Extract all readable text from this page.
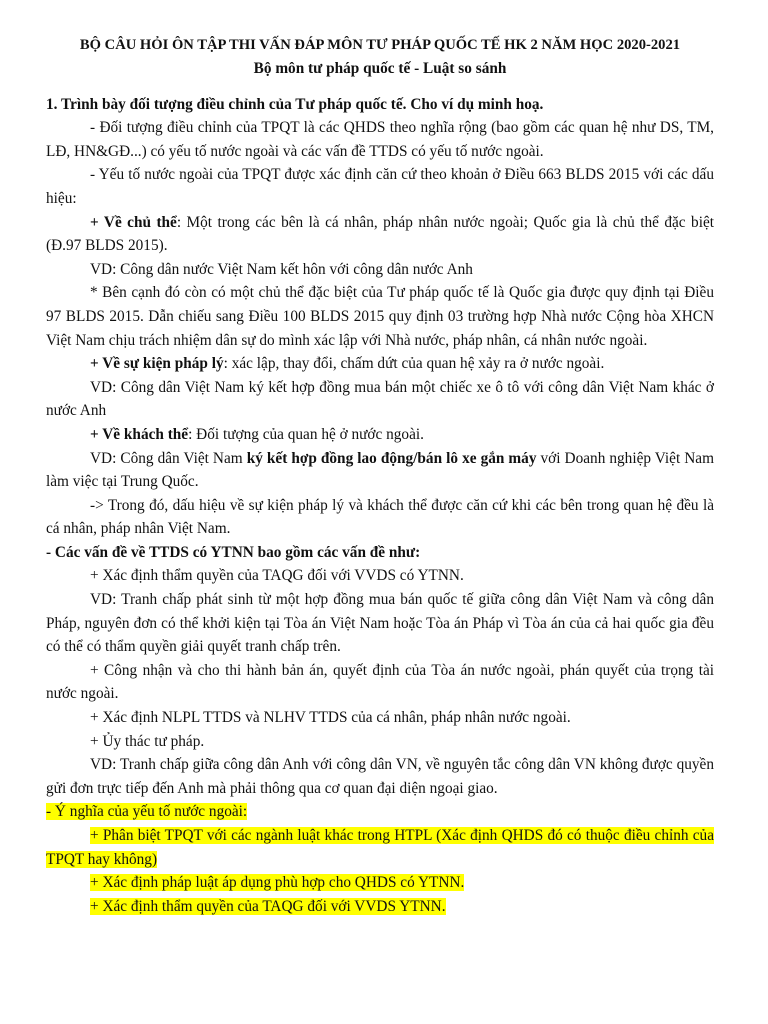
BỘ CÂU HỎI ÔN TẬP THI VẤN ĐÁP MÔN TƯ PHÁP QUỐC TẾ HK 2 NĂM HỌC 2020-2021

Bộ môn tư pháp quốc tế - Luật so sánh

1. Trình bày đối tượng điều chỉnh của Tư pháp quốc tế. Cho ví dụ minh hoạ.

- Đối tượng điều chỉnh của TPQT là các QHDS theo nghĩa rộng (bao gồm các quan hệ như DS, TM, LĐ, HN&GĐ...) có yếu tố nước ngoài và các vấn đề TTDS có yếu tố nước ngoài.

- Yếu tố nước ngoài của TPQT được xác định căn cứ theo khoản ở Điều 663 BLDS 2015 với các dấu hiệu:

+ Về chủ thể: Một trong các bên là cá nhân, pháp nhân nước ngoài; Quốc gia là chủ thể đặc biệt (Đ.97 BLDS 2015).

VD: Công dân nước Việt Nam kết hôn với công dân nước Anh

* Bên cạnh đó còn có một chủ thể đặc biệt của Tư pháp quốc tế là Quốc gia được quy định tại Điều 97 BLDS 2015. Dẫn chiếu sang Điều 100 BLDS 2015 quy định 03 trường hợp Nhà nước Cộng hòa XHCN Việt Nam chịu trách nhiệm dân sự do mình xác lập với Nhà nước, pháp nhân, cá nhân nước ngoài.

+ Về sự kiện pháp lý: xác lập, thay đổi, chấm dứt của quan hệ xảy ra ở nước ngoài.

VD: Công dân Việt Nam ký kết hợp đồng mua bán một chiếc xe ô tô với công dân Việt Nam khác ở nước Anh

+ Về khách thể: Đối tượng của quan hệ ở nước ngoài.

VD: Công dân Việt Nam ký kết hợp đồng lao động/bán lô xe gắn máy với Doanh nghiệp Việt Nam làm việc tại Trung Quốc.

-> Trong đó, dấu hiệu về sự kiện pháp lý và khách thể được căn cứ khi các bên trong quan hệ đều là cá nhân, pháp nhân Việt Nam.

- Các vấn đề về TTDS có YTNN bao gồm các vấn đề như:

+ Xác định thẩm quyền của TAQG đối với VVDS có YTNN.

VD: Tranh chấp phát sinh từ một hợp đồng mua bán quốc tế giữa công dân Việt Nam và công dân Pháp, nguyên đơn có thể khởi kiện tại Tòa án Việt Nam hoặc Tòa án Pháp vì Tòa án của cả hai quốc gia đều có thể có thẩm quyền giải quyết tranh chấp trên.

+ Công nhận và cho thi hành bản án, quyết định của Tòa án nước ngoài, phán quyết của trọng tài nước ngoài.

+ Xác định NLPL TTDS và NLHV TTDS của cá nhân, pháp nhân nước ngoài.

+ Ủy thác tư pháp.

VD: Tranh chấp giữa công dân Anh với công dân VN, về nguyên tắc công dân VN không được quyền gửi đơn trực tiếp đến Anh mà phải thông qua cơ quan đại diện ngoại giao.

- Ý nghĩa của yếu tố nước ngoài:

+ Phân biệt TPQT với các ngành luật khác trong HTPL (Xác định QHDS đó có thuộc điều chỉnh của TPQT hay không)

+ Xác định pháp luật áp dụng phù hợp cho QHDS có YTNN.

+ Xác định thẩm quyền của TAQG đối với VVDS YTNN.
